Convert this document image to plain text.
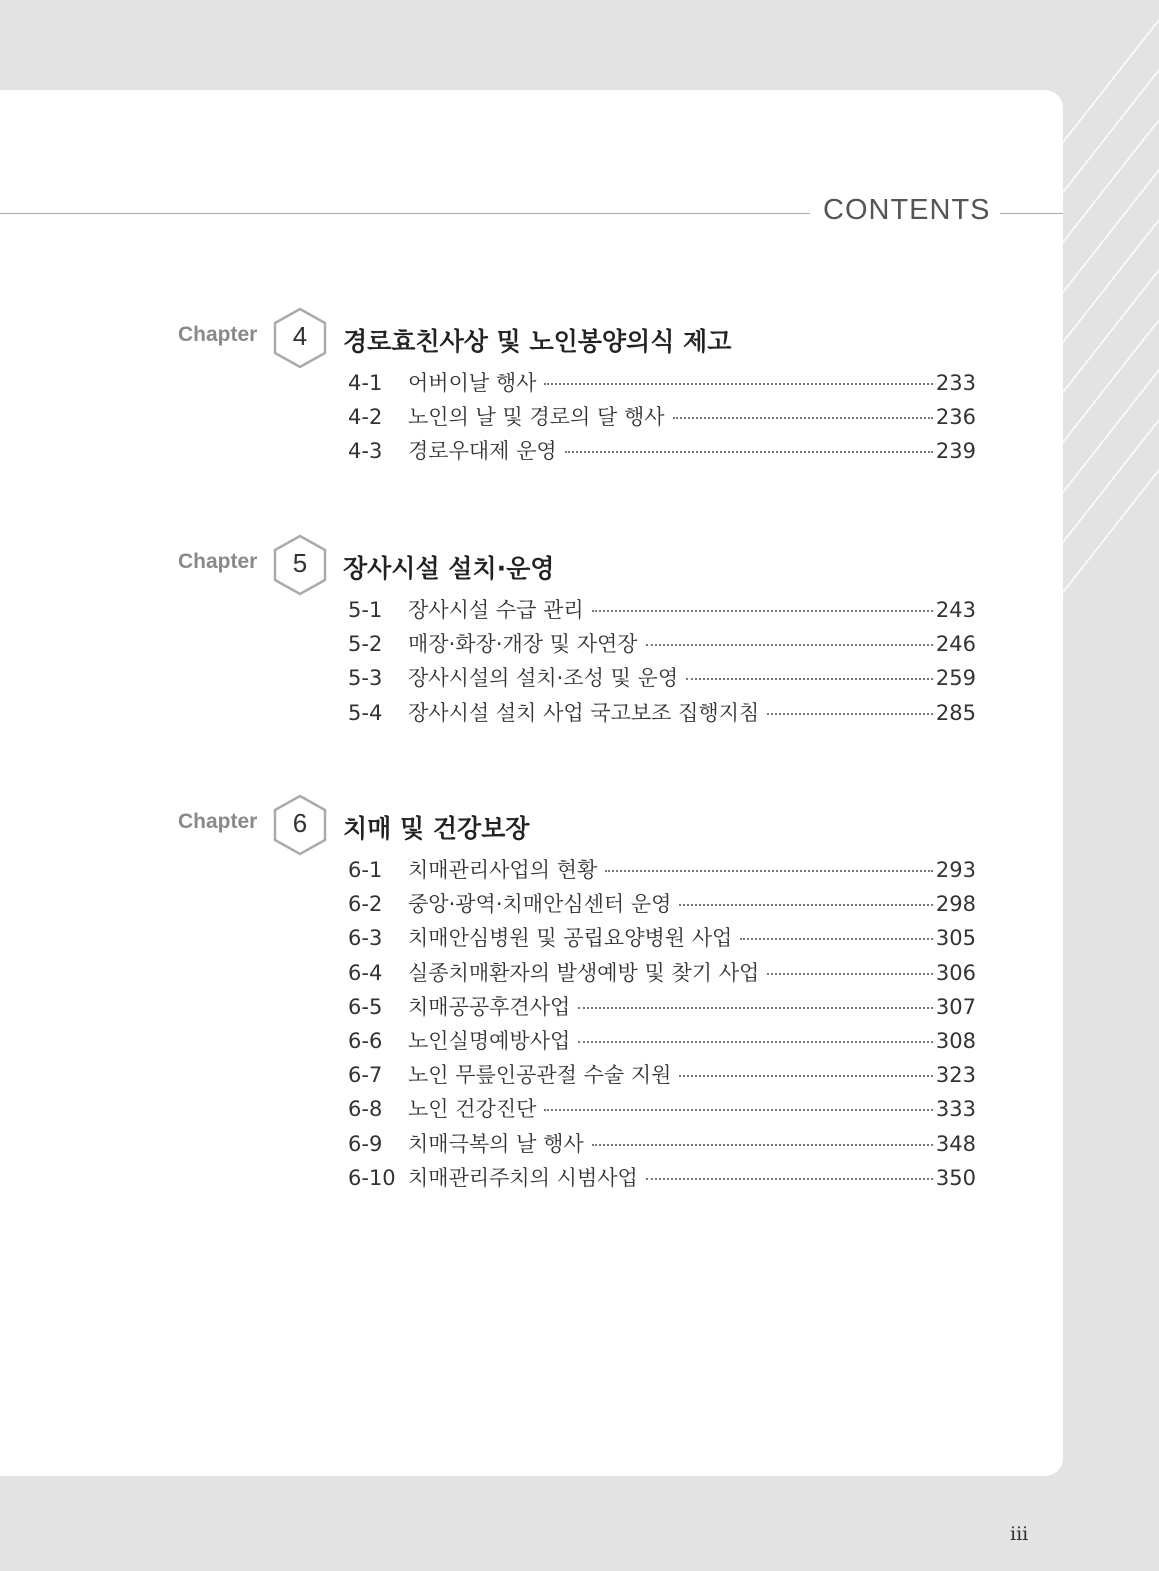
CONTENTS
Chapter	4	경로효친사상 및 노인봉양의식 제고
4-1	어버이날 행사	233
4-2	노인의 날 및 경로의 달 행사	236
4-3	경로우대제 운영	239
Chapter	5	장사시설 설치·운영
5-1	장사시설 수급 관리	243
5-2	매장·화장·개장 및 자연장	246
5-3	장사시설의 설치·조성 및 운영	259
5-4	장사시설 설치 사업 국고보조 집행지침	285
Chapter	6	치매 및 건강보장
6-1	치매관리사업의 현황	293
6-2	중앙·광역·치매안심센터 운영	298
6-3	치매안심병원 및 공립요양병원 사업	305
6-4	실종치매환자의 발생예방 및 찾기 사업	306
6-5	치매공공후견사업	307
6-6	노인실명예방사업	308
6-7	노인 무릎인공관절 수술 지원	323
6-8	노인 건강진단	333
6-9	치매극복의 날 행사	348
6-10 치매관리주치의 시범사업	350
iii
